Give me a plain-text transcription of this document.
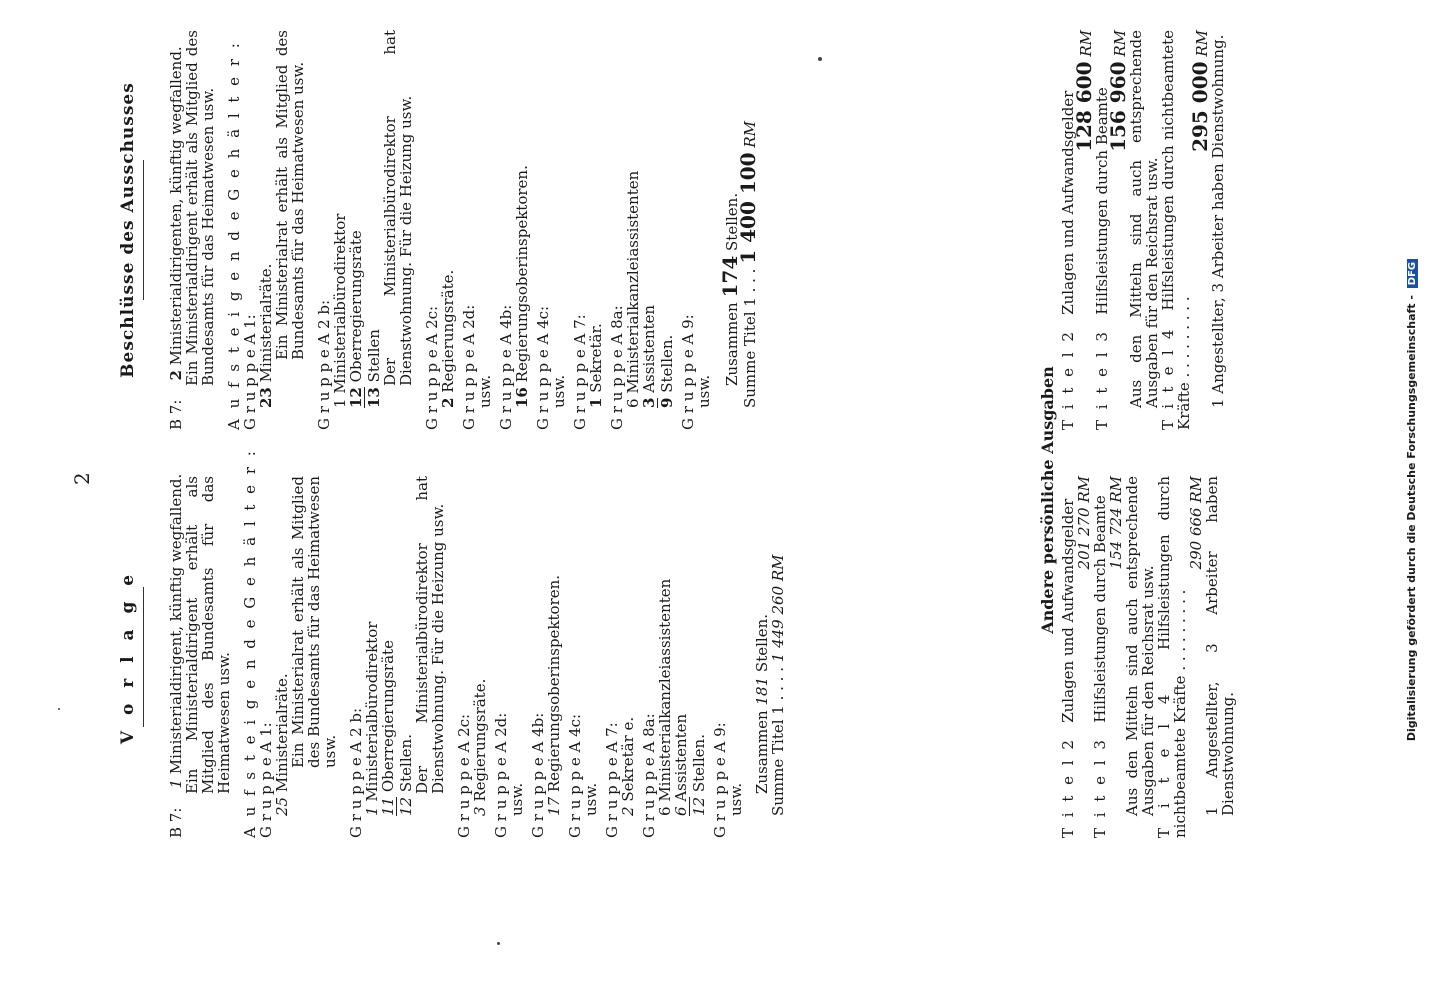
2
V o r l a g e
Beschlüsse des Ausschusses
B 7:    1 Ministerialdirigent, künftig wegfallend.
Ein Ministerialdirigent erhält als Mitglied des Bundesamts für das Heimatwesen usw. A u f s t e i g e n d e G e h ä l t e r :
G r u p p e A 1:
25 Ministerialräte.
Ein Ministerialrat erhält als Mitglied des Bundesamts für das Heimatwesen usw. G r u p p e A 2 b:
1 Ministerialbürodirektor
11 Oberregierungsräte
12 Stellen.
Der Ministerialbürodirektor hat Dienstwohnung. Für die Heizung usw. G r u p p e A 2c:
3 Regierungsräte. G r u p p e A 2d:
usw. G r u p p e A 4b:
17 Regierungsoberinspektoren. G r u p p e A 4c:
usw. G r u p p e A 7:
2 Sekretär e. G r u p p e A 8a:
6 Ministerialkanzleiassistenten
6 Assistenten
12 Stellen. G r u p p e A 9:
usw.
Zusammen 181 Stellen.
Summe Titel 1 . . . . 1 449 260 RM
B 7:    2 Ministerialdirigenten, künftig wegfallend.
Ein Ministerialdirigent erhält als Mitglied des Bundesamts für das Heimatwesen usw. A u f s t e i g e n d e G e h ä l t e r :
G r u p p e A 1:
23 Ministerialräte.
Ein Ministerialrat erhält als Mitglied des Bundesamts für das Heimatwesen usw.
G r u p p e A 2 b:
1 Ministerialbürodirektor
12 Oberregierungsräte
13 Stellen
Der Ministerialbürodirektor hat Dienstwohnung. Für die Heizung usw. G r u p p e A 2c:
2 Regierungsräte. G r u p p e A 2d:
usw. G r u p p e A 4b:
16 Regierungsoberinspektoren. G r u p p e A 4c:
usw. G r u p p e A 7:
1 Sekretär. G r u p p e A 8a:
6 Ministerialkanzleiassistenten
3 Assistenten
9 Stellen. G r u p p e A 9:
usw.
Zusammen 174 Stellen.
Summe Titel 1 . . . 1 400 100 RM
Andere persönliche Ausgaben
T i t e l 2   Zulagen und Aufwandsgelder
201 270 RM
T i t e l 3   Hilfsleistungen durch Beamte
154 724 RM
Aus den Mitteln sind auch entsprechende Ausgaben für den Reichsrat usw.
T i t e l 4   Hilfsleistungen durch nichtbeamtete Kräfte . . . . . . . . .
290 666 RM
1 Angestellter, 3 Arbeiter haben Dienstwohnung.
T i t e l 2   Zulagen und Aufwandsgelder
128 600 RM
T i t e l 3   Hilfsleistungen durch Beamte
156 960 RM
Aus den Mitteln sind auch entsprechende Ausgaben für den Reichsrat usw.
T i t e l 4   Hilfsleistungen durch nichtbeamtete Kräfte . . . . . . . . .
295 000 RM
1 Angestellter, 3 Arbeiter haben Dienstwohnung.
Digitalisierung gefördert durch die Deutsche Forschungsgemeinschaft - DFG
